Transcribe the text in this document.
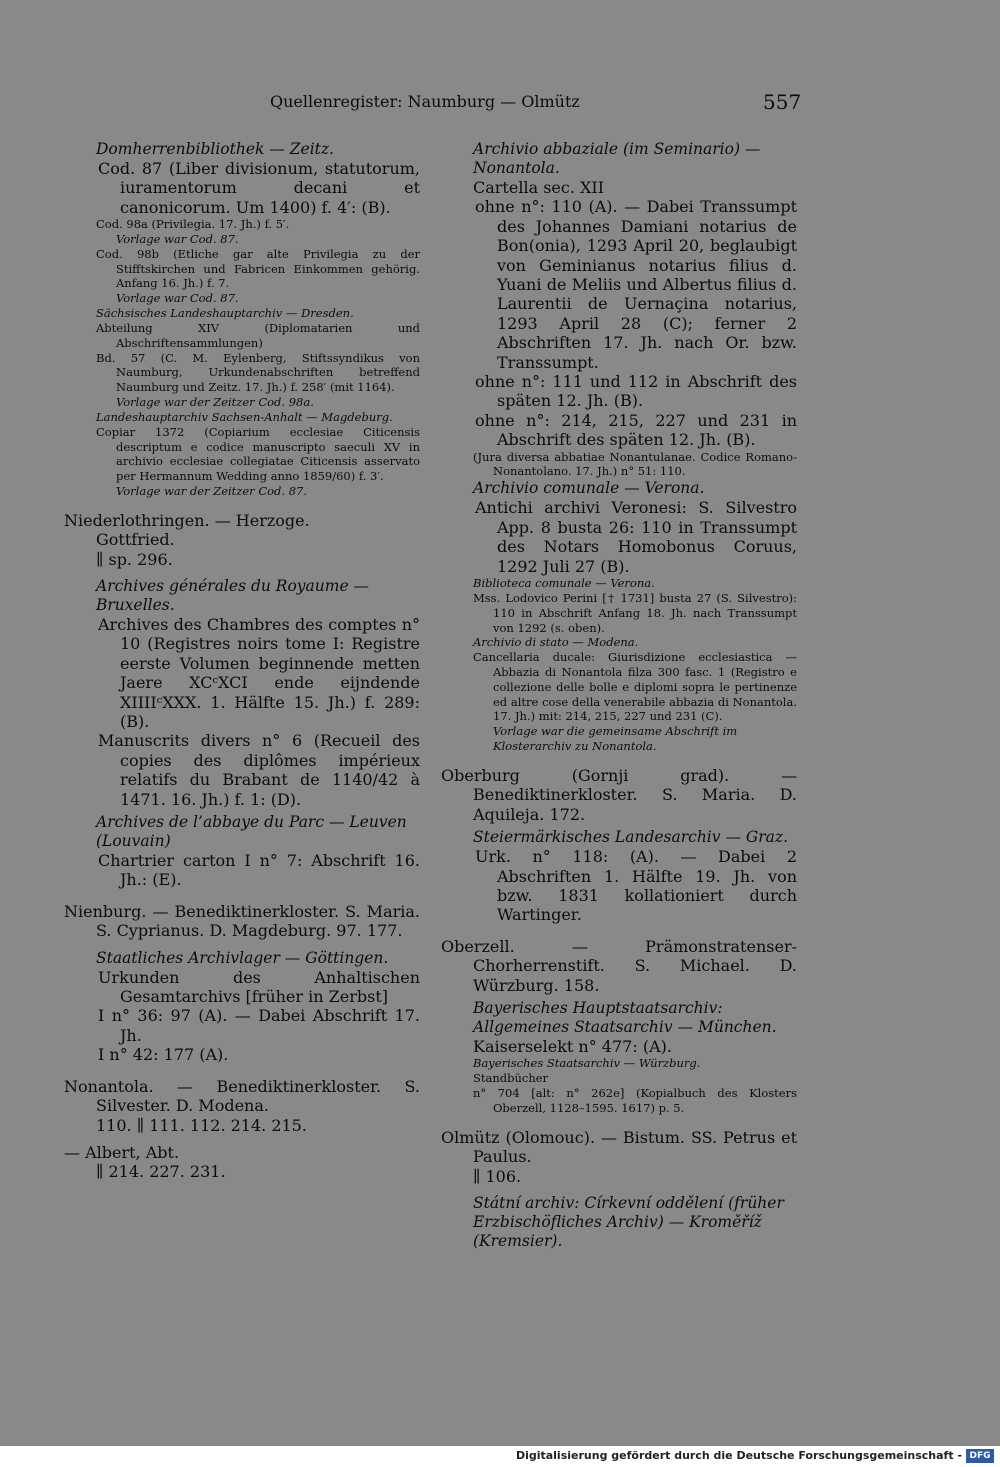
Quellenregister: Naumburg — Olmütz	557
Domherrenbibliothek — Zeitz.
Cod. 87 (Liber divisionum, statutorum, iuramentorum decani et canonicorum. Um 1400) f. 4′: (B).
Cod. 98a (Privilegia. 17. Jh.) f. 5′.
Vorlage war Cod. 87.
Cod. 98b (Etliche gar alte Privilegia zu der Stifftskirchen und Fabricen Einkommen gehörig. Anfang 16. Jh.) f. 7.
Vorlage war Cod. 87.
Sächsisches Landeshauptarchiv — Dresden.
Abteilung XIV (Diplomatarien und Abschriftensammlungen)
Bd. 57 (C. M. Eylenberg, Stiftssyndikus von Naumburg, Urkundenabschriften betreffend Naumburg und Zeitz. 17. Jh.) f. 258′ (mit 1164).
Vorlage war der Zeitzer Cod. 98a.
Landeshauptarchiv Sachsen-Anhalt — Magdeburg.
Copiar 1372 (Copiarium ecclesiae Citicensis descriptum e codice manuscripto saeculi XV in archivio ecclesiae collegiatae Citicensis asservato per Hermannum Wedding anno 1859/60) f. 3′.
Vorlage war der Zeitzer Cod. 87.
Niederlothringen. — Herzoge.
Gottfried.
∥ sp. 296.
Archives générales du Royaume — Bruxelles.
Archives des Chambres des comptes n° 10 (Registres noirs tome I: Registre eerste Volumen beginnende metten Jaere XCᶜXCI ende eijndende XIIIIᶜXXX. 1. Hälfte 15. Jh.) f. 289: (B).
Manuscrits divers n° 6 (Recueil des copies des diplômes impérieux relatifs du Brabant de 1140/42 à 1471. 16. Jh.) f. 1: (D).
Archives de l’abbaye du Parc — Leuven (Louvain)
Chartrier carton I n° 7: Abschrift 16. Jh.: (E).
Nienburg. — Benediktinerkloster. S. Maria. S. Cyprianus. D. Magdeburg. 97. 177.
Staatliches Archivlager — Göttingen.
Urkunden des Anhaltischen Gesamtarchivs [früher in Zerbst]
I n° 36: 97 (A). — Dabei Abschrift 17. Jh.
I n° 42: 177 (A).
Nonantola. — Benediktinerkloster. S. Silvester. D. Modena.
110. ∥ 111. 112. 214. 215.
— Albert, Abt.
∥ 214. 227. 231.
Archivio abbaziale (im Seminario) — Nonantola.
Cartella sec. XII
ohne n°: 110 (A). — Dabei Transsumpt des Johannes Damiani notarius de Bon(onia), 1293 April 20, beglaubigt von Geminianus notarius filius d. Yuani de Meliis und Albertus filius d. Laurentii de Uernaçina notarius, 1293 April 28 (C); ferner 2 Abschriften 17. Jh. nach Or. bzw. Transsumpt.
ohne n°: 111 und 112 in Abschrift des späten 12. Jh. (B).
ohne n°: 214, 215, 227 und 231 in Abschrift des späten 12. Jh. (B).
(Jura diversa abbatiae Nonantulanae. Codice Romano-Nonantolano. 17. Jh.) n° 51: 110.
Archivio comunale — Verona.
Antichi archivi Veronesi: S. Silvestro App. 8 busta 26: 110 in Transsumpt des Notars Homobonus Coruus, 1292 Juli 27 (B).
Biblioteca comunale — Verona.
Mss. Lodovico Perini [† 1731] busta 27 (S. Silvestro): 110 in Abschrift Anfang 18. Jh. nach Transsumpt von 1292 (s. oben).
Archivio di stato — Modena.
Cancellaria ducale: Giurisdizione ecclesiastica — Abbazia di Nonantola filza 300 fasc. 1 (Registro e collezione delle bolle e diplomi sopra le pertinenze ed altre cose della venerabile abbazia di Nonantola. 17. Jh.) mit: 214, 215, 227 und 231 (C).
Vorlage war die gemeinsame Abschrift im Klosterarchiv zu Nonantola.
Oberburg (Gornji grad). — Benediktinerkloster. S. Maria. D. Aquileja. 172.
Steiermärkisches Landesarchiv — Graz.
Urk. n° 118: (A). — Dabei 2 Abschriften 1. Hälfte 19. Jh. von bzw. 1831 kollationiert durch Wartinger.
Oberzell. — Prämonstratenser-Chorherrenstift. S. Michael. D. Würzburg. 158.
Bayerisches Hauptstaatsarchiv: Allgemeines Staatsarchiv — München.
Kaiserselekt n° 477: (A).
Bayerisches Staatsarchiv — Würzburg.
Standbücher
n° 704 [alt: n° 262e] (Kopialbuch des Klosters Oberzell, 1128–1595. 1617) p. 5.
Olmütz (Olomouc). — Bistum. SS. Petrus et Paulus.
∥ 106.
Státní archiv: Církevní oddělení (früher Erzbischöfliches Archiv) — Kroměříž (Kremsier).
Digitalisierung gefördert durch die Deutsche Forschungsgemeinschaft - DFG
